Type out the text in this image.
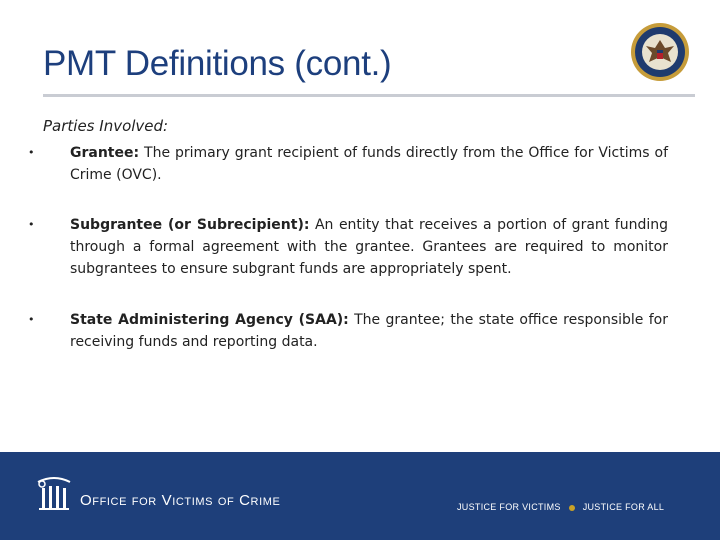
PMT Definitions (cont.)
Parties Involved:
•	Grantee: The primary grant recipient of funds directly from the Office for Victims of Crime (OVC).
•	Subgrantee (or Subrecipient): An entity that receives a portion of grant funding through a formal agreement with the grantee. Grantees are required to monitor subgrantees to ensure subgrant funds are appropriately spent.
•	State Administering Agency (SAA): The grantee; the state office responsible for receiving funds and reporting data.
Office for Victims of Crime	JUSTICE FOR VICTIMS JUSTICE FOR ALL
